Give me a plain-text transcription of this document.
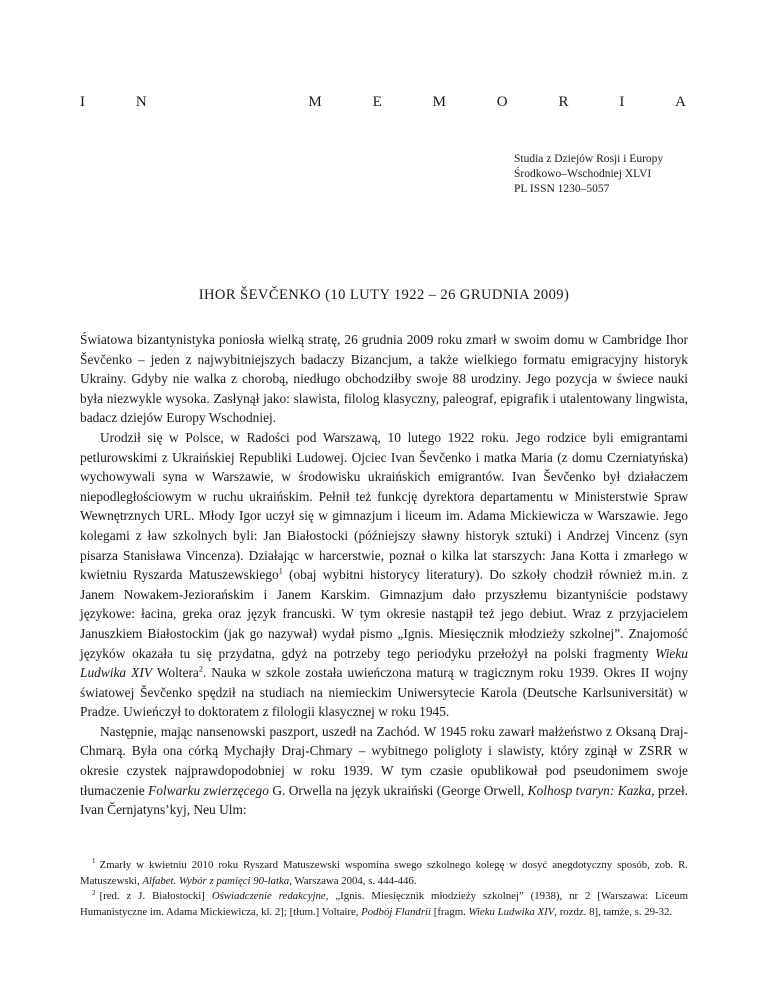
I	N	M	E	M	O	R	I	A
Studia z Dziejów Rosji i Europy
Środkowo–Wschodniej XLVI
PL ISSN 1230–5057
IHOR ŠEVČENKO (10 LUTY 1922 – 26 GRUDNIA 2009)

Światowa bizantynistyka poniosła wielką stratę, 26 grudnia 2009 roku zmarł w swoim domu w Cambridge Ihor Ševčenko – jeden z najwybitniejszych badaczy Bizancjum, a także wielkiego formatu emigracyjny historyk Ukrainy. Gdyby nie walka z chorobą, niedługo obchodziłby swoje 88 urodziny. Jego pozycja w świece nauki była niezwykle wysoka. Zasłynął jako: slawista, filolog klasyczny, paleograf, epigrafik i utalentowany lingwista, badacz dziejów Europy Wschodniej.

Urodził się w Polsce, w Radości pod Warszawą, 10 lutego 1922 roku. Jego rodzice byli emigrantami petlurowskimi z Ukraińskiej Republiki Ludowej. Ojciec Ivan Ševčenko i matka Maria (z domu Czerniatyńska) wychowywali syna w Warszawie, w środowisku ukraińskich emigrantów. Ivan Ševčenko był działaczem niepodległościowym w ruchu ukraińskim. Pełnił też funkcję dyrektora departamentu w Ministerstwie Spraw Wewnętrznych URL. Młody Igor uczył się w gimnazjum i liceum im. Adama Mickiewicza w Warszawie. Jego kolegami z ław szkolnych byli: Jan Białostocki (późniejszy sławny historyk sztuki) i Andrzej Vincenz (syn pisarza Stanisława Vincenza). Działając w harcerstwie, poznał o kilka lat starszych: Jana Kotta i zmarłego w kwietniu Ryszarda Matuszewskiego$^1$ (obaj wybitni historycy literatury). Do szkoły chodził również m.in. z Janem Nowakem-Jeziorańskim i Janem Karskim. Gimnazjum dało przyszłemu bizantyniście podstawy językowe: łacina, greka oraz język francuski. W tym okresie nastąpił też jego debiut. Wraz z przyjacielem Januszkiem Białostockim (jak go nazywał) wydał pismo „Ignis. Miesięcznik młodzieży szkolnej”. Znajomość języków okazała tu się przydatna, gdyż na potrzeby tego periodyku przełożył na polski fragmenty Wieku Ludwika XIV Woltera$^2$. Nauka w szkole została uwieńczona maturą w tragicznym roku 1939. Okres II wojny światowej Ševčenko spędził na studiach na niemieckim Uniwersytecie Karola (Deutsche Karlsuniversität) w Pradze. Uwieńczył to doktoratem z filologii klasycznej w roku 1945.

Następnie, mając nansenowski paszport, uszedł na Zachód. W 1945 roku zawarł małżeństwo z Oksaną Draj-Chmarą. Była ona córką Mychajły Draj-Chmary – wybitnego poligloty i slawisty, który zginął w ZSRR w okresie czystek najprawdopodobniej w roku 1939. W tym czasie opublikował pod pseudonimem swoje tłumaczenie Folwarku zwierzęcego G. Orwella na język ukraiński (George Orwell, Kolhosp tvaryn: Kazka, przeł. Ivan Černjatyns’kyj, Neu Ulm:

$^1$ Zmarły w kwietniu 2010 roku Ryszard Matuszewski wspomina swego szkolnego kolegę w dosyć anegdotyczny sposób, zob. R. Matuszewski, Alfabet. Wybór z pamięci 90-latka, Warszawa 2004, s. 444-446.

$^2$ [red. z J. Białostocki] Oświadczenie redakcyjne, „Ignis. Miesięcznik młodzieży szkolnej” (1938), nr 2 [Warszawa: Liceum Humanistyczne im. Adama Mickiewicza, kl. 2]; [tłum.] Voltaire, Podbój Flandrii [fragm. Wieku Ludwika XIV, rozdz. 8], tamże, s. 29-32.
